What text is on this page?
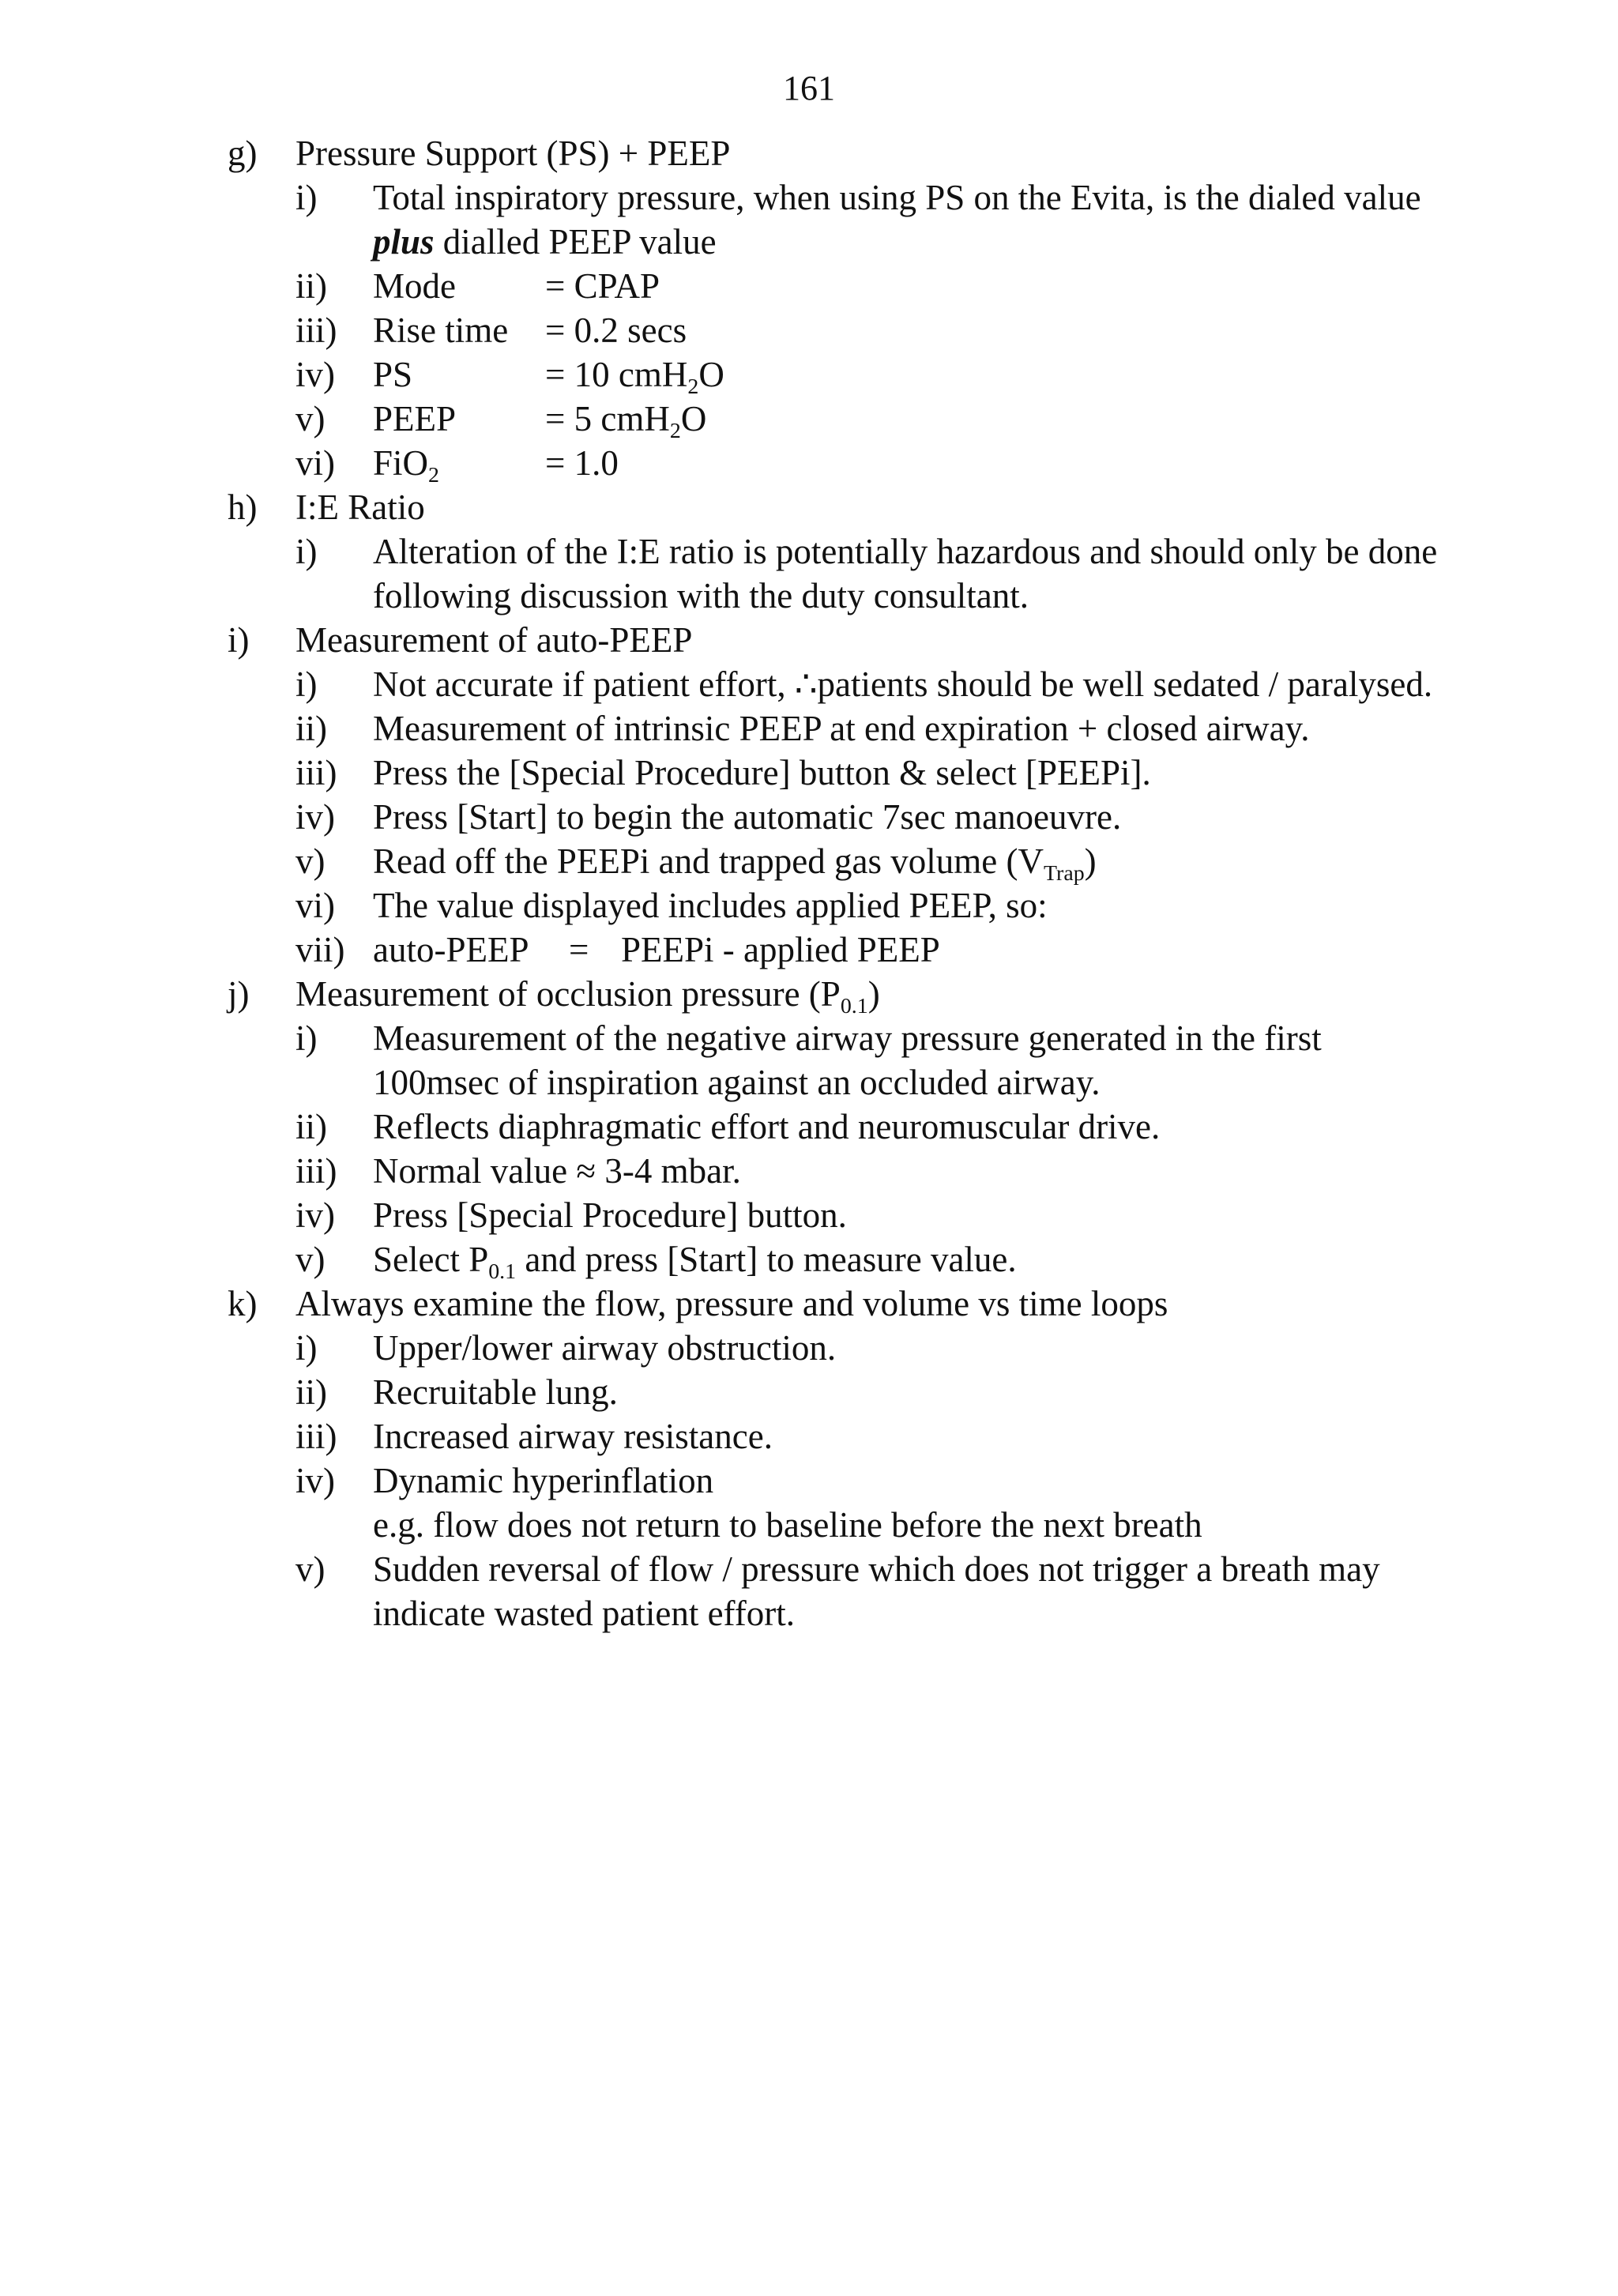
161
g) Pressure Support (PS) + PEEP
i) Total inspiratory pressure, when using PS on the Evita, is the dialed value
plus dialled PEEP value
ii) Mode	= CPAP
iii) Rise time = 0.2 secs
iv) PS	= 10 cmH$_2$O
v) PEEP	= 5 cmH$_2$O
vi) FiO$_2$	= 1.0
h) I:E Ratio
i) Alteration of the I:E ratio is potentially hazardous and should only be done
following discussion with the duty consultant.
i) Measurement of auto-PEEP
i) Not accurate if patient effort, ∴patients should be well sedated / paralysed.
ii) Measurement of intrinsic PEEP at end expiration + closed airway.
iii) Press the [Special Procedure] button & select [PEEPi].
iv) Press [Start] to begin the automatic 7sec manoeuvre.
v) Read off the PEEPi and trapped gas volume $(V_{Trap})$
vi) The value displayed includes applied PEEP, so:
vii) auto-PEEP = PEEPi - applied PEEP
j) Measurement of occlusion pressure $(P_{0.1})$
i) Measurement of the negative airway pressure generated in the first
100msec of inspiration against an occluded airway.
ii) Reflects diaphragmatic effort and neuromuscular drive.
iii) Normal value ≈ 3-4 mbar.
iv) Press [Special Procedure] button.
v) Select $P_{0.1}$ and press [Start] to measure value.
k) Always examine the flow, pressure and volume vs time loops
i) Upper/lower airway obstruction.
ii) Recruitable lung.
iii) Increased airway resistance.
iv) Dynamic hyperinflation
e.g. flow does not return to baseline before the next breath
v) Sudden reversal of flow / pressure which does not trigger a breath may
indicate wasted patient effort.
